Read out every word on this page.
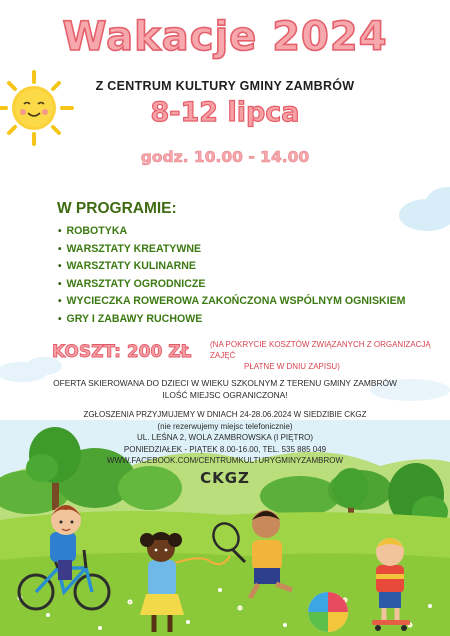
Wakacje 2024
Z CENTRUM KULTURY GMINY ZAMBRÓW
8-12 lipca
godz. 10.00 - 14.00
W PROGRAMIE:
• ROBOTYKA
• WARSZTATY KREATYWNE
• WARSZTATY KULINARNE
• WARSZTATY OGRODNICZE
• WYCIECZKA ROWEROWA ZAKOŃCZONA WSPÓLNYM OGNISKIEM
• GRY I ZABAWY RUCHOWE
KOSZT: 200 ZŁ (NA POKRYCIE KOSZTÓW ZWIĄZANYCH Z ORGANIZACJĄ ZAJĘĆ
PŁATNE W DNIU ZAPISU)
OFERTA SKIEROWANA DO DZIECI W WIEKU SZKOLNYM Z TERENU GMINY ZAMBRÓW
ILOŚĆ MIEJSC OGRANICZONA!
ZGŁOSZENIA PRZYJMUJEMY W DNIACH 24-28.06.2024 W SIEDZIBIE CKGZ
(nie rezerwujemy miejsc telefonicznie)
UL. LEŚNA 2, WOLA ZAMBROWSKA (I PIĘTRO)
PONIEDZIAŁEK - PIĄTEK 8.00-16.00, TEL. 535 885 049
WWW.FACEBOOK.COM/CENTRUMKULTURYGMINYZAMBROW
CKGZ
